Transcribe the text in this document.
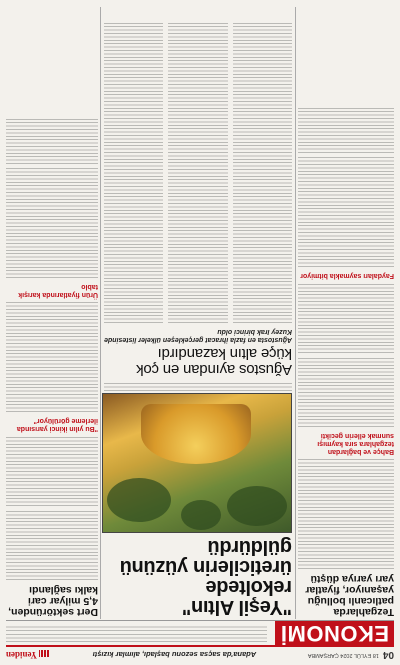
04
18 EYLÜL 2024 ÇARŞAMBA
Adana'da saçsa sezonu başladı, alımlar kızıştı
Yeniden
EKONOMİ
Tezgahlarda patlıcanlı bolluğu yaşanıyor, fiyatlar yarı yarıya düştü
Bahçe ve bağlardan tezgahlara sıra kaymışı sunmak ellerin gecikti
Faydaları saymakla bitmiyor
"Yeşil Altın" rekoltede üreticilerin yüzünü güldürdü
Ağustos ayından en çok küçe altın kazandırdı
Ağustosta en fazla ihracat gerçekleşen ülkeler listesinde Kuzey Irak birinci oldu
Dert sektöründen, 4,5 milyar cari kalkı sağlandı
"Bu yılın ikinci yarısında ilerleme görülüyor"
Ürün fiyatlarında karışık tablo
